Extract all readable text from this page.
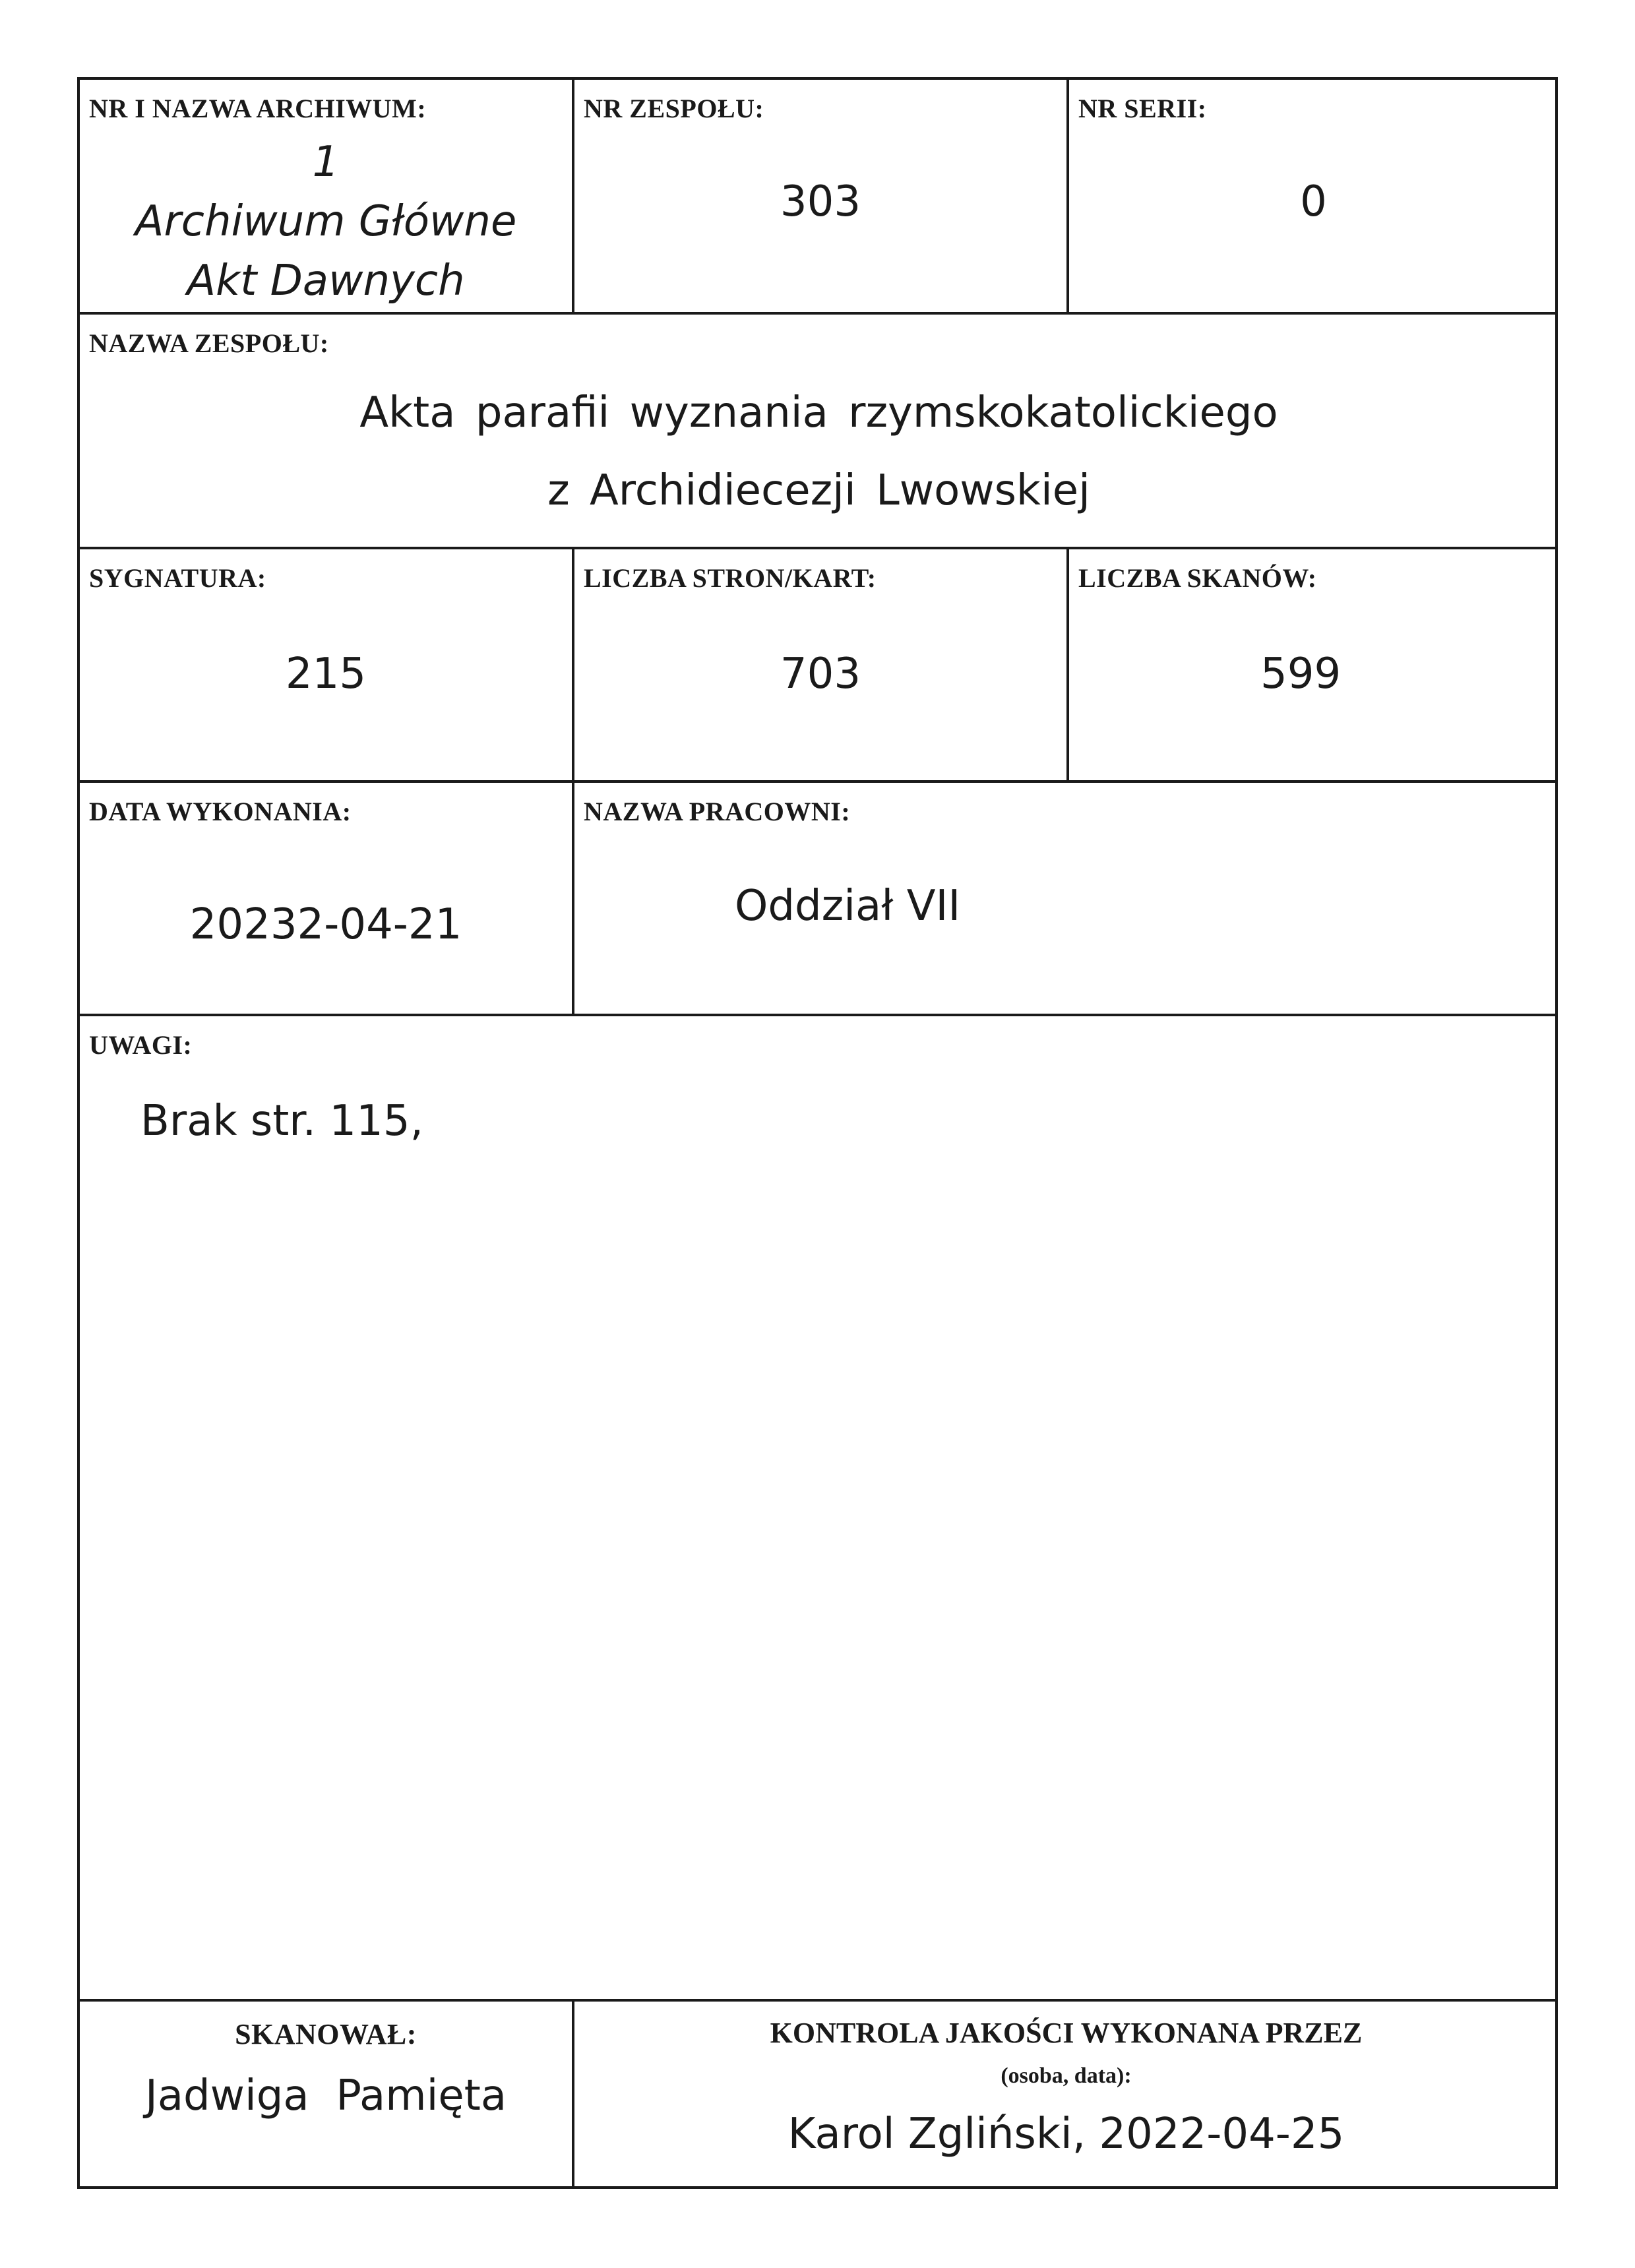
NR I NAZWA ARCHIWUM:
1
Archiwum Główne
Akt Dawnych
NR ZESPOŁU:
303
NR SERII:
0
NAZWA ZESPOŁU:
Akta parafii wyznania rzymskokatolickiego
z Archidiecezji Lwowskiej
SYGNATURA:
215
LICZBA STRON/KART:
703
LICZBA SKANÓW:
599
DATA WYKONANIA:
20232-04-21
NAZWA PRACOWNI:
Oddział VII
UWAGI:
Brak str. 115,
SKANOWAŁ:
Jadwiga  Pamięta
KONTROLA JAKOŚCI WYKONANA PRZEZ
(osoba, data):
Karol Zgliński, 2022-04-25
